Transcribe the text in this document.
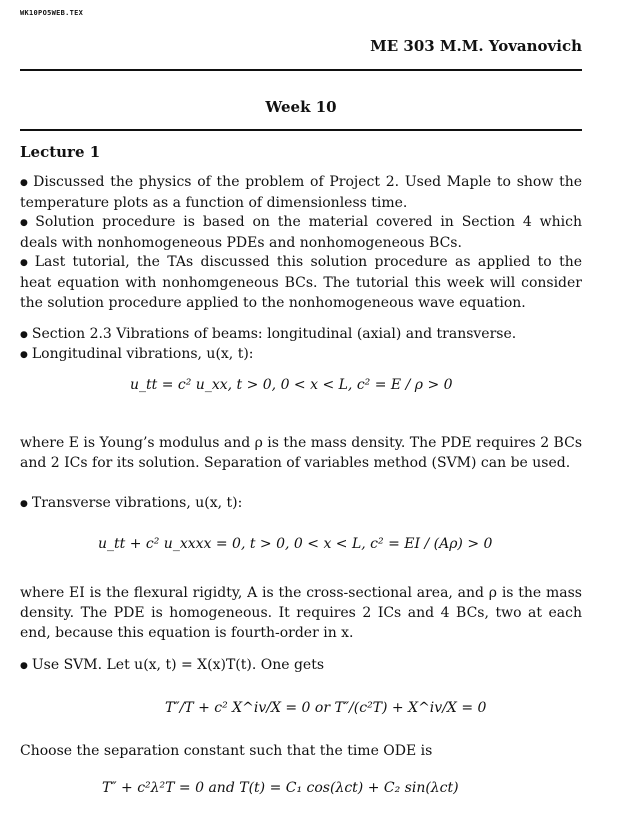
WK10PO5WEB.TEX
ME 303 M.M. Yovanovich
Week 10
Lecture 1
● Discussed the physics of the problem of Project 2. Used Maple to show the temperature plots as a function of dimensionless time.
● Solution procedure is based on the material covered in Section 4 which deals with nonhomogeneous PDEs and nonhomogeneous BCs.
● Last tutorial, the TAs discussed this solution procedure as applied to the heat equation with nonhomgeneous BCs. The tutorial this week will consider the solution procedure applied to the nonhomogeneous wave equation.
● Section 2.3 Vibrations of beams: longitudinal (axial) and transverse.
● Longitudinal vibrations, u(x, t):
u_tt = c² u_xx, t > 0, 0 < x < L, c² = E / ρ > 0
where E is Young’s modulus and ρ is the mass density. The PDE requires 2 BCs and 2 ICs for its solution. Separation of variables method (SVM) can be used.
● Transverse vibrations, u(x, t):
u_tt + c² u_xxxx = 0, t > 0, 0 < x < L, c² = EI / (Aρ) > 0
where EI is the flexural rigidty, A is the cross-sectional area, and ρ is the mass density. The PDE is homogeneous. It requires 2 ICs and 4 BCs, two at each end, because this equation is fourth-order in x.
● Use SVM. Let u(x, t) = X(x)T(t). One gets
T″/T + c² X^iv/X = 0 or T″/(c²T) + X^iv/X = 0
Choose the separation constant such that the time ODE is
T″ + c²λ²T = 0 and T(t) = C₁ cos(λct) + C₂ sin(λct)
